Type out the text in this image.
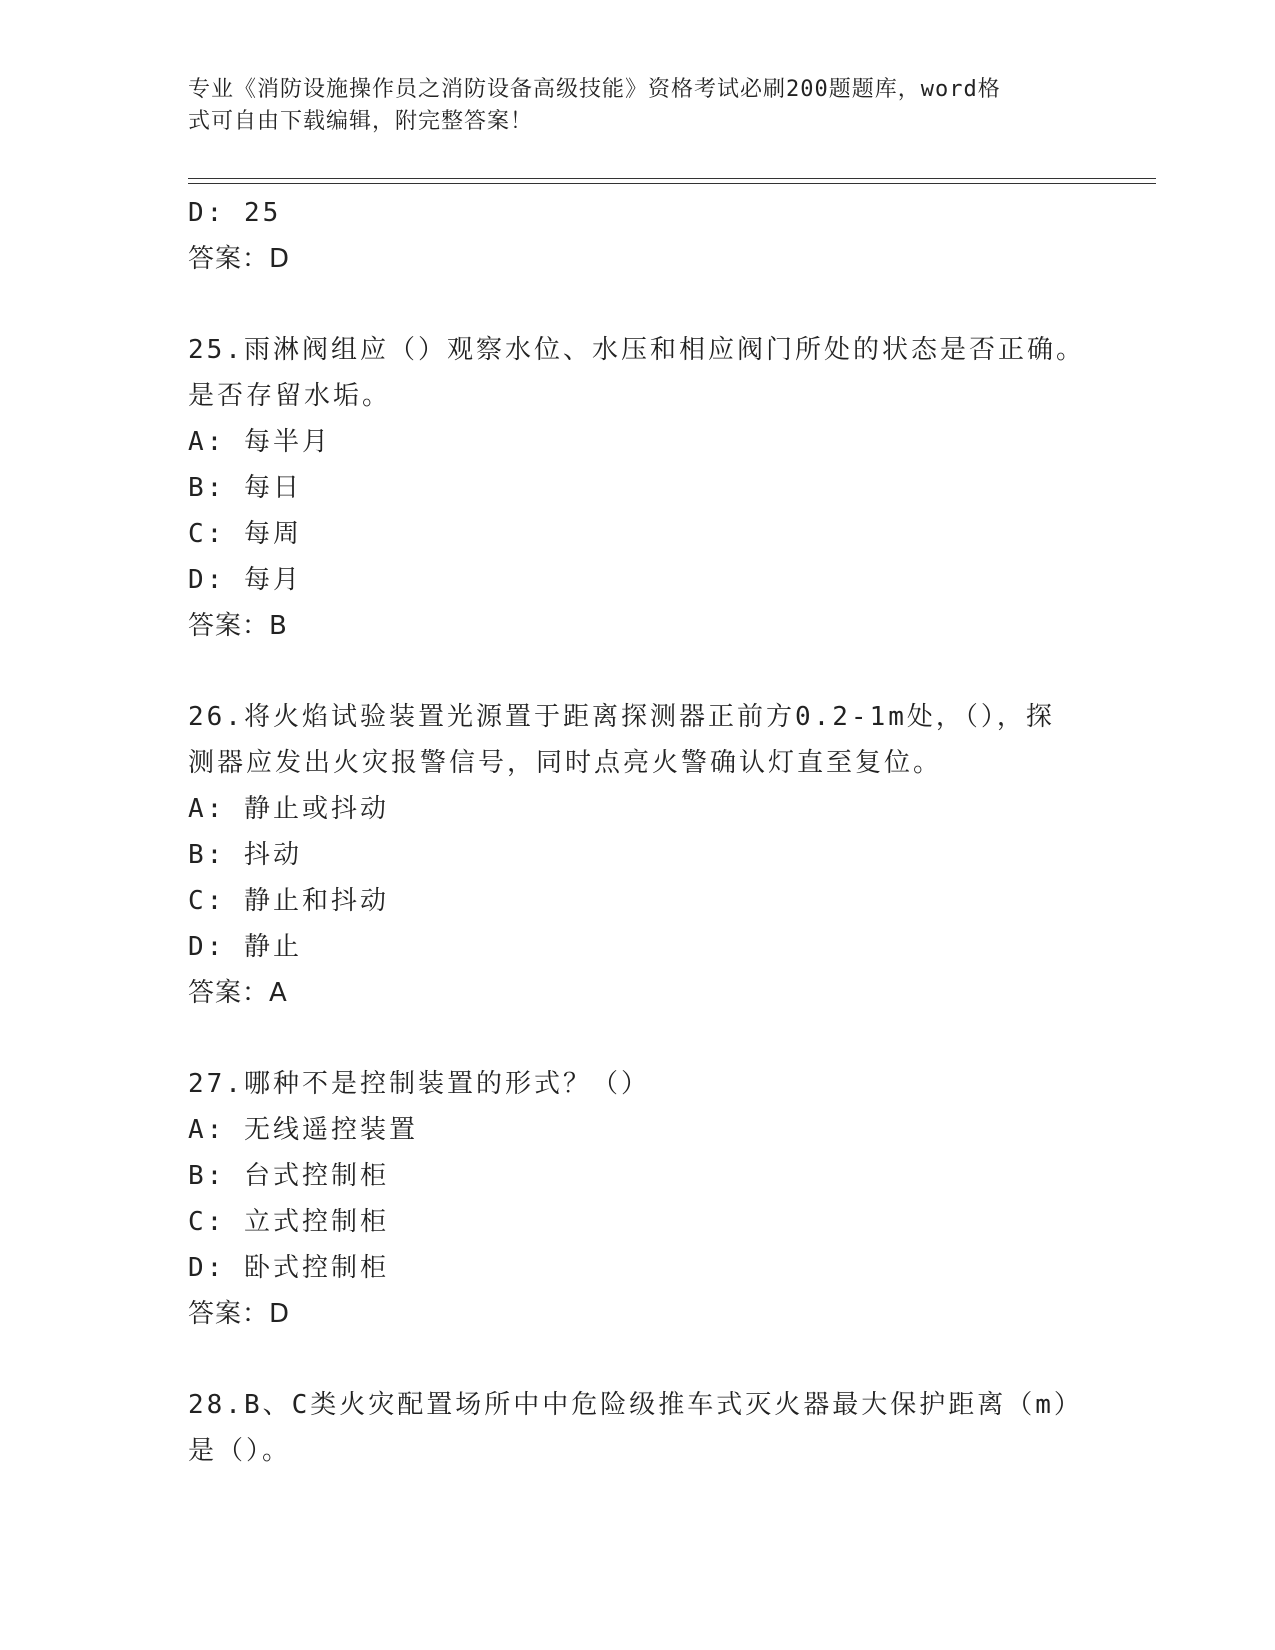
专业《消防设施操作员之消防设备高级技能》资格考试必刷200题题库，word格
式可自由下载编辑，附完整答案！
D: 25
答案：D
25.雨淋阀组应（）观察水位、水压和相应阀门所处的状态是否正确。
是否存留水垢。
A: 每半月
B: 每日
C: 每周
D: 每月
答案：B
26.将火焰试验装置光源置于距离探测器正前方0.2-1m处，（），探
测器应发出火灾报警信号，同时点亮火警确认灯直至复位。
A: 静止或抖动
B: 抖动
C: 静止和抖动
D: 静止
答案：A
27.哪种不是控制装置的形式？（）
A: 无线遥控装置
B: 台式控制柜
C: 立式控制柜
D: 卧式控制柜
答案：D
28.B、C类火灾配置场所中中危险级推车式灭火器最大保护距离（m）
是（）。
